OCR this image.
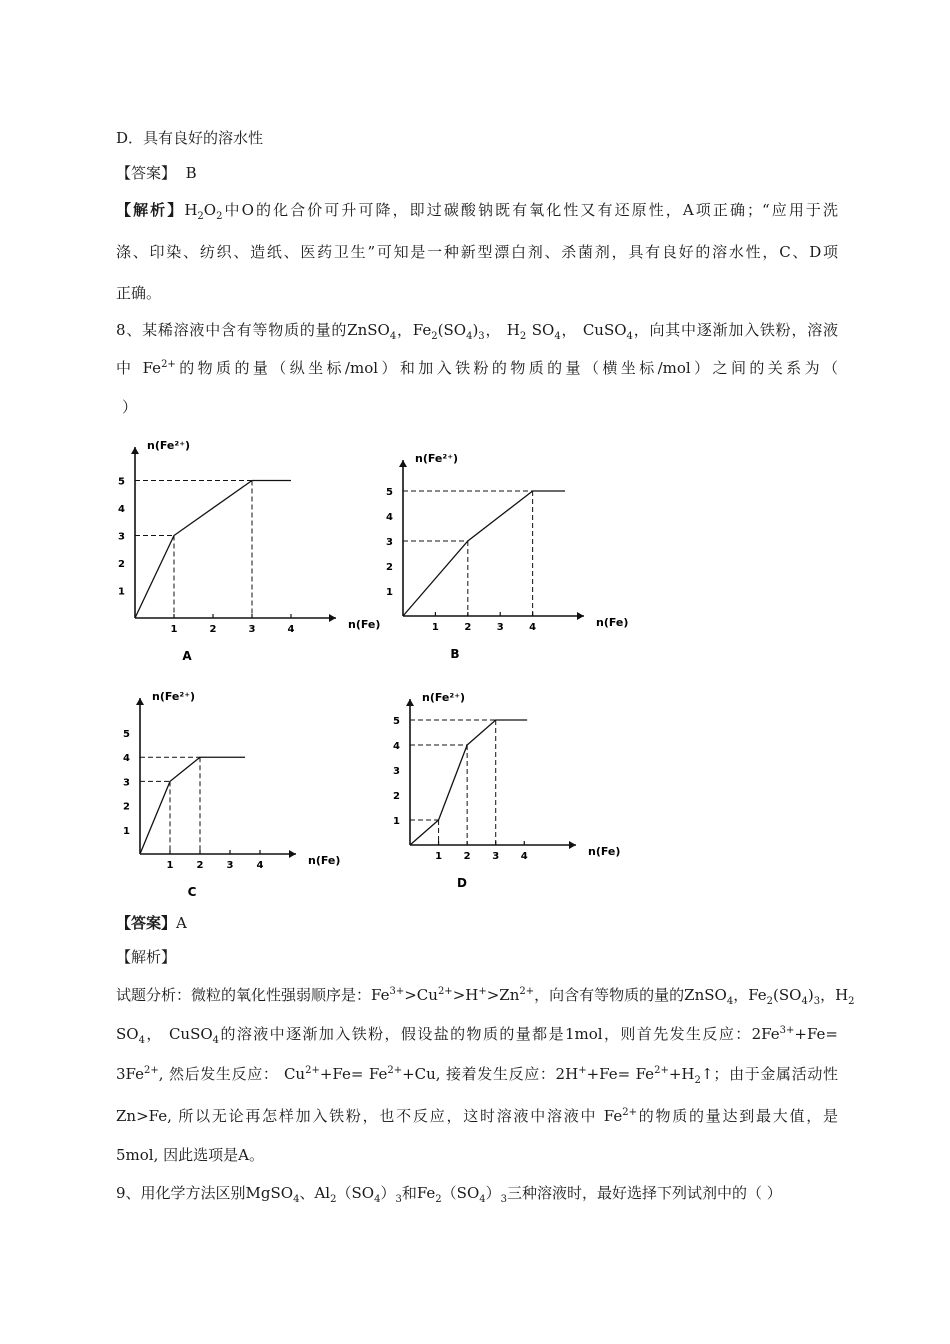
D．具有良好的溶水性
【答案】 B
【解析】$H_2O_2$中O的化合价可升可降，即过碳酸钠既有氧化性又有还原性，A项正确；“应用于洗
涤、印染、纺织、造纸、医药卫生”可知是一种新型漂白剂、杀菌剂，具有良好的溶水性，C、D项
正确。
8、某稀溶液中含有等物质的量的ZnSO$_4$，$Fe_2(SO_4)_3$， $H_2$ $SO_4$， CuSO$_4$，向其中逐渐加入铁粉，溶液
中 $Fe^{2+}$的物质的量（纵坐标/mol）和加入铁粉的物质的量（横坐标/mol）之间的关系为（
）
1	2	3	4
1
2
3
4
5
n(Fe²⁺)
n(Fe)
A
1	2	3	4
1
2
3
4
5
n(Fe²⁺)
n(Fe)
B
1 2 3 4
1
2
3
4
5
n(Fe²⁺)
n(Fe)
C
1 2 3 4
1
2
3
4
5
n(Fe²⁺)
n(Fe)
D
【答案】A
【解析】
试题分析：微粒的氧化性强弱顺序是：$Fe^{3+}>Cu^{2+}>H^+>Zn^{2+}$，向含有等物质的量的ZnSO$_4$，$Fe_2(SO_4)_3$，$H_2$
$SO_4$， CuSO$_4$的溶液中逐渐加入铁粉，假设盐的物质的量都是1mol，则首先发生反应：$2Fe^{3+}+Fe=$
$3Fe^{2+}$, 然后发生反应： $Cu^{2+}+Fe= Fe^{2+}+Cu$, 接着发生反应：$2H^++Fe= Fe^{2+}+H_2↑$；由于金属活动性
Zn>Fe, 所以无论再怎样加入铁粉，也不反应，这时溶液中溶液中 $Fe^{2+}$的物质的量达到最大值，是
5mol, 因此选项是A。
9、用化学方法区别MgSO$_4$、$Al_2(SO_4)_3$和$Fe_2(SO_4)_3$三种溶液时，最好选择下列试剂中的（ ）
